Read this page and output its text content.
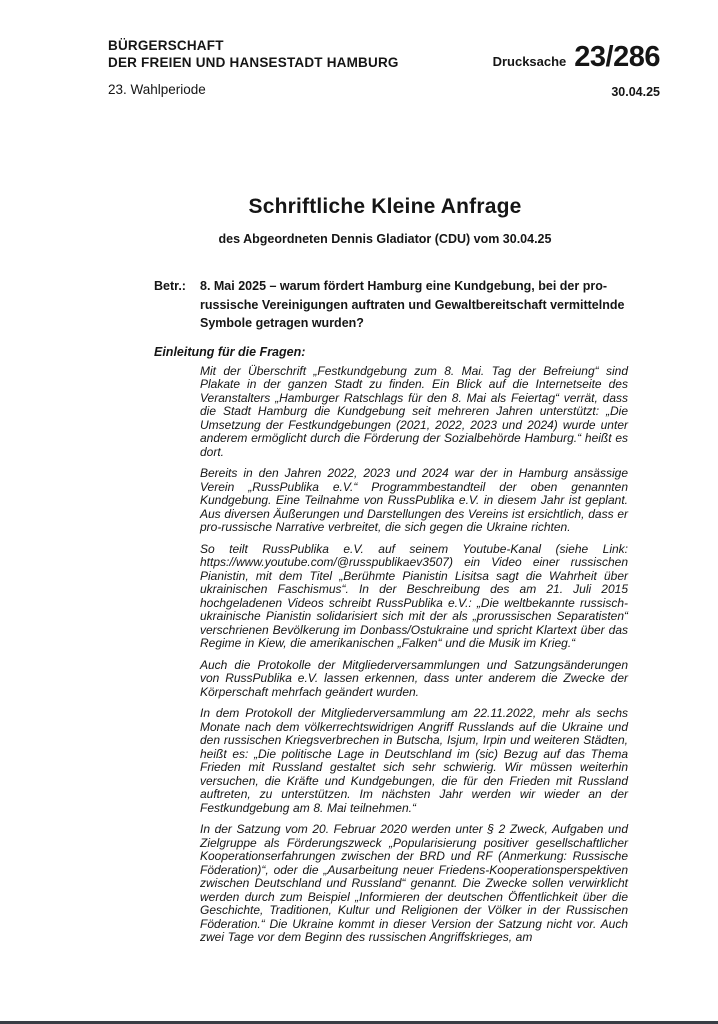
BÜRGERSCHAFT
DER FREIEN UND HANSESTADT HAMBURG
23. Wahlperiode
Drucksache 23/286
30.04.25
Schriftliche Kleine Anfrage
des Abgeordneten Dennis Gladiator (CDU) vom 30.04.25
Betr.:	8. Mai 2025 – warum fördert Hamburg eine Kundgebung, bei der pro-russische Vereinigungen auftraten und Gewaltbereitschaft vermittelnde Symbole getragen wurden?
Einleitung für die Fragen:

Mit der Überschrift „Festkundgebung zum 8. Mai. Tag der Befreiung“ sind Plakate in der ganzen Stadt zu finden. Ein Blick auf die Internetseite des Veranstalters „Hamburger Ratschlags für den 8. Mai als Feiertag“ verrät, dass die Stadt Hamburg die Kundgebung seit mehreren Jahren unterstützt: „Die Umsetzung der Festkundgebungen (2021, 2022, 2023 und 2024) wurde unter anderem ermöglicht durch die Förderung der Sozialbehörde Hamburg.“ heißt es dort.

Bereits in den Jahren 2022, 2023 und 2024 war der in Hamburg ansässige Verein „RussPublika e.V.“ Programmbestandteil der oben genannten Kundgebung. Eine Teilnahme von RussPublika e.V. in diesem Jahr ist geplant. Aus diversen Äußerungen und Darstellungen des Vereins ist ersichtlich, dass er pro-russische Narrative verbreitet, die sich gegen die Ukraine richten.

So teilt RussPublika e.V. auf seinem Youtube-Kanal (siehe Link: https://www.youtube.com/@russpublikaev3507) ein Video einer russischen Pianistin, mit dem Titel „Berühmte Pianistin Lisitsa sagt die Wahrheit über ukrainischen Faschismus“. In der Beschreibung des am 21. Juli 2015 hochgeladenen Videos schreibt RussPublika e.V.: „Die weltbekannte russisch-ukrainische Pianistin solidarisiert sich mit der als „prorussischen Separatisten“ verschrienen Bevölkerung im Donbass/Ostukraine und spricht Klartext über das Regime in Kiew, die amerikanischen „Falken“ und die Musik im Krieg.“

Auch die Protokolle der Mitgliederversammlungen und Satzungsänderungen von RussPublika e.V. lassen erkennen, dass unter anderem die Zwecke der Körperschaft mehrfach geändert wurden.

In dem Protokoll der Mitgliederversammlung am 22.11.2022, mehr als sechs Monate nach dem völkerrechtswidrigen Angriff Russlands auf die Ukraine und den russischen Kriegsverbrechen in Butscha, Isjum, Irpin und weiteren Städten, heißt es: „Die politische Lage in Deutschland im (sic) Bezug auf das Thema Frieden mit Russland gestaltet sich sehr schwierig. Wir müssen weiterhin versuchen, die Kräfte und Kundgebungen, die für den Frieden mit Russland auftreten, zu unterstützen. Im nächsten Jahr werden wir wieder an der Festkundgebung am 8. Mai teilnehmen.“

In der Satzung vom 20. Februar 2020 werden unter § 2 Zweck, Aufgaben und Zielgruppe als Förderungszweck „Popularisierung positiver gesellschaftlicher Kooperationserfahrungen zwischen der BRD und RF (Anmerkung: Russische Föderation)“, oder die „Ausarbeitung neuer Friedens-Kooperationsperspektiven zwischen Deutschland und Russland“ genannt. Die Zwecke sollen verwirklicht werden durch zum Beispiel „Informieren der deutschen Öffentlichkeit über die Geschichte, Traditionen, Kultur und Religionen der Völker in der Russischen Föderation.“ Die Ukraine kommt in dieser Version der Satzung nicht vor. Auch zwei Tage vor dem Beginn des russischen Angriffskrieges, am
